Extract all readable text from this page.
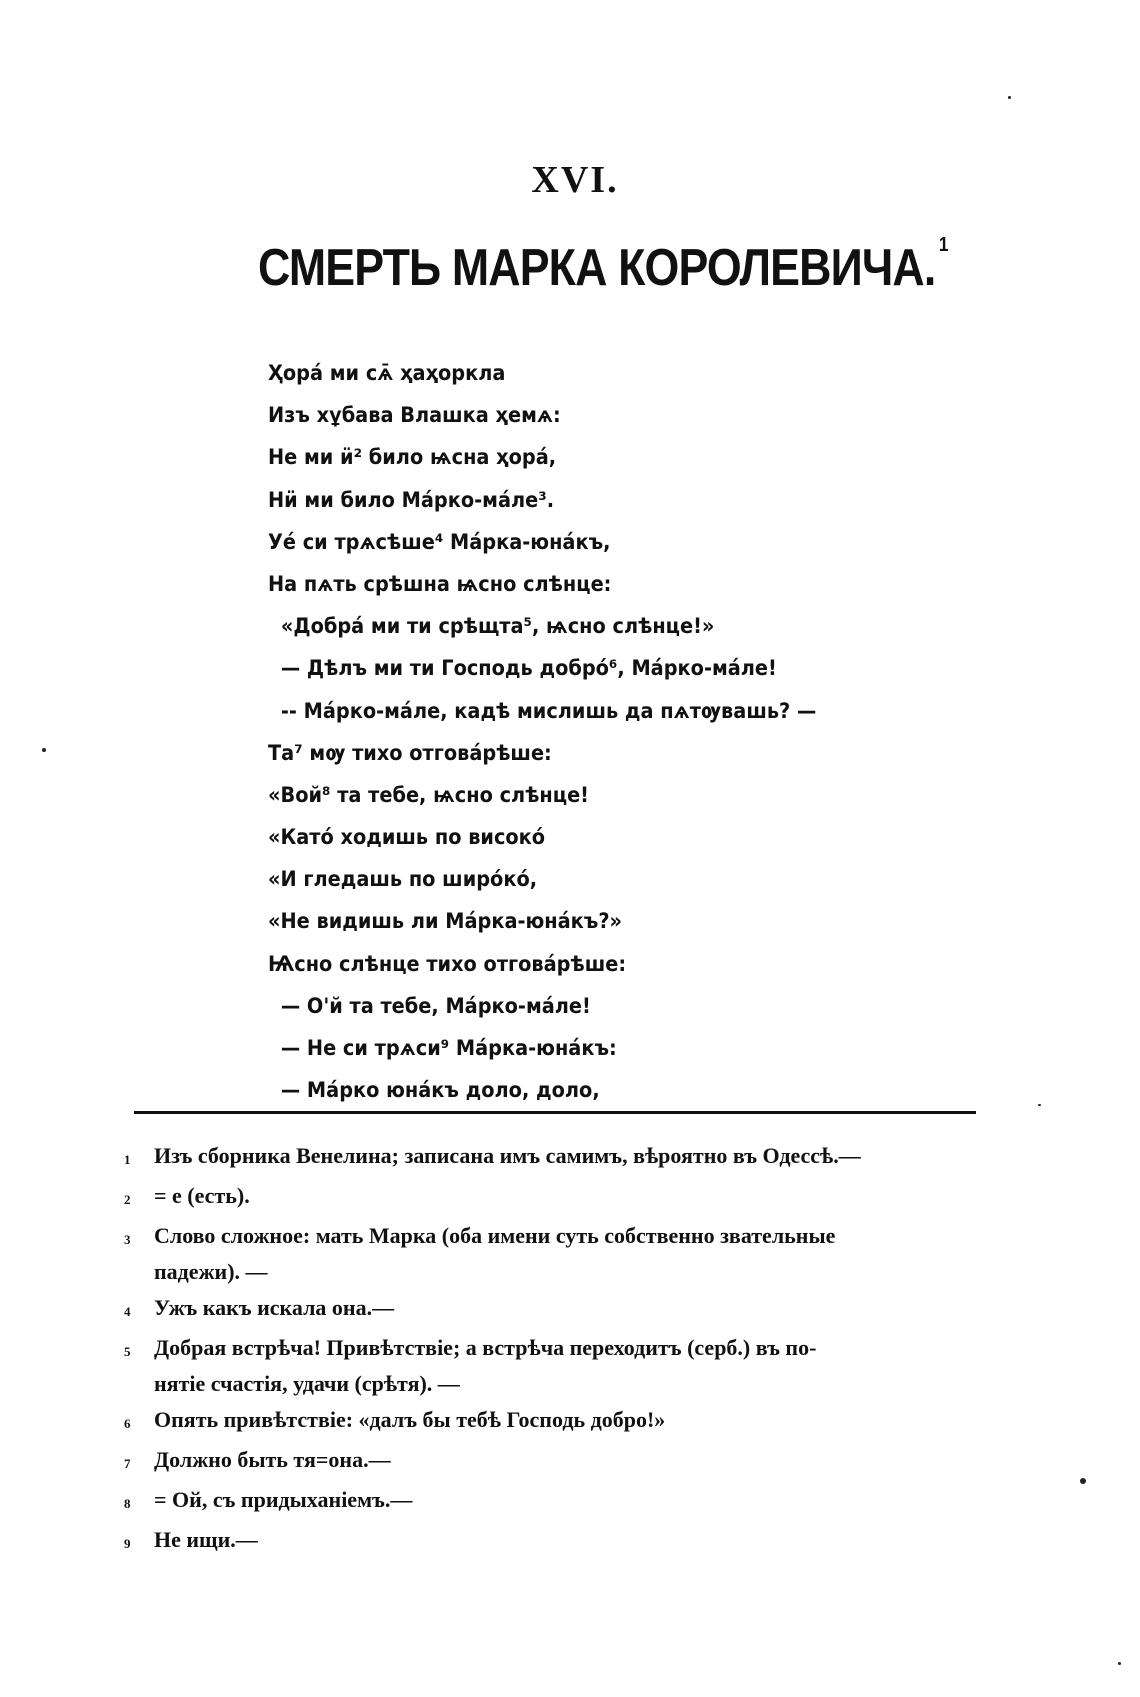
XVI.
СМЕРТЬ МАРКА КОРОЛЕВИЧА. $^1$
Ҳорá ми сѧ̄ ҳаҳоркла
Изъ хұбава Влашка ҳемѧ:
Не ми ӥ² било ѩсна ҳорá,
Нӥ ми било Мáрко-мáле³.
Уé си трѧсѣше⁴ Мáрка-юнáкъ,
На пѧть срѣшна ѩсно слѣнце:
«Добрá ми ти срѣщта⁵, ѩсно слѣнце!»
— Дѣлъ ми ти Господь добро́⁶, Мáрко-мáле!
-- Мáрко-мáле, кадѣ мислишь да пѧтѹвашь? —
Та⁷ мѹ тихо отговáрѣше:
«Вой⁸ та тебе, ѩсно слѣнце!
«Като́ ходишь по високо́
«И гледашь по широ́ко́,
«Не видишь ли Мáрка-юнáкъ?»
Ѩсно слѣнце тихо отговáрѣше:
— О'й та тебе, Мáрко-мáле!
— Не си трѧси⁹ Мáрка-юнáкъ:
— Мáрко юнáкъ доло, доло,
1	Изъ сборника Венелина; записана имъ самимъ, вѣроятно въ Одессѣ.—
2	= е (есть).
3	Слово сложное: мать Марка (оба имени суть собственно звательные
падежи). —
4	Ужъ какъ искала она.—
5	Добрая встрѣча! Привѣтствіе; а встрѣча переходитъ (серб.) въ по-
нятіе счастія, удачи (срѣтя). —
6	Опять привѣтствіе: «далъ бы тебѣ Господь добро!»
7	Должно быть тя=она.—
8	= Ой, съ придыханіемъ.—
9	Не ищи.—
